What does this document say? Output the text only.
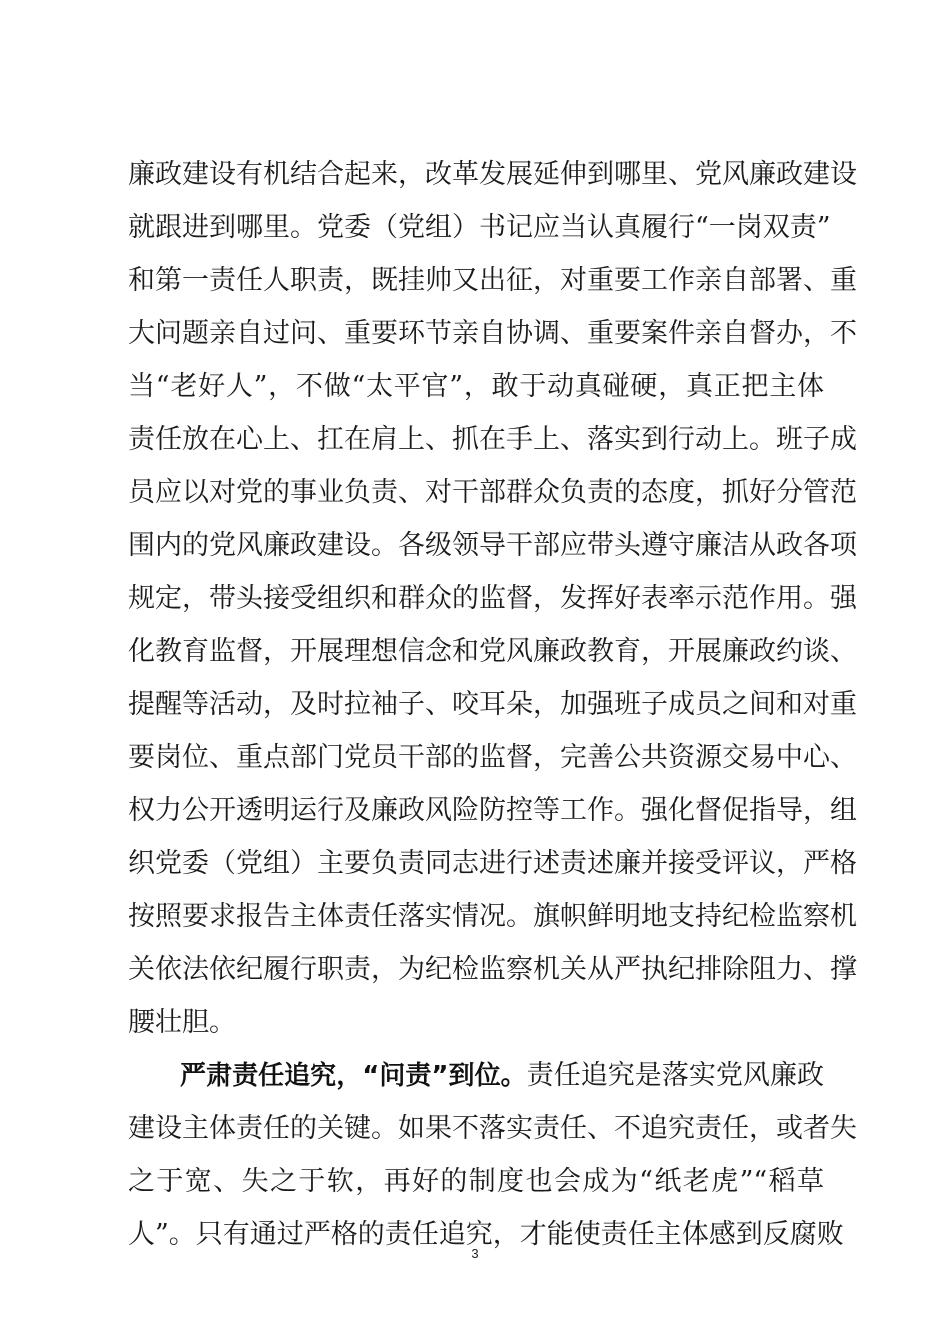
廉政建设有机结合起来，改革发展延伸到哪里、党风廉政建设
就跟进到哪里。党委（党组）书记应当认真履行“一岗双责”
和第一责任人职责，既挂帅又出征，对重要工作亲自部署、重
大问题亲自过问、重要环节亲自协调、重要案件亲自督办，不
当“老好人”，不做“太平官”，敢于动真碰硬，真正把主体
责任放在心上、扛在肩上、抓在手上、落实到行动上。班子成
员应以对党的事业负责、对干部群众负责的态度，抓好分管范
围内的党风廉政建设。各级领导干部应带头遵守廉洁从政各项
规定，带头接受组织和群众的监督，发挥好表率示范作用。强
化教育监督，开展理想信念和党风廉政教育，开展廉政约谈、
提醒等活动，及时拉袖子、咬耳朵，加强班子成员之间和对重
要岗位、重点部门党员干部的监督，完善公共资源交易中心、
权力公开透明运行及廉政风险防控等工作。强化督促指导，组
织党委（党组）主要负责同志进行述责述廉并接受评议，严格
按照要求报告主体责任落实情况。旗帜鲜明地支持纪检监察机
关依法依纪履行职责，为纪检监察机关从严执纪排除阻力、撑
腰壮胆。
严肃责任追究，“问责”到位。责任追究是落实党风廉政
建设主体责任的关键。如果不落实责任、不追究责任，或者失
之于宽、失之于软，再好的制度也会成为“纸老虎”“稻草
人”。只有通过严格的责任追究，才能使责任主体感到反腐败
3
